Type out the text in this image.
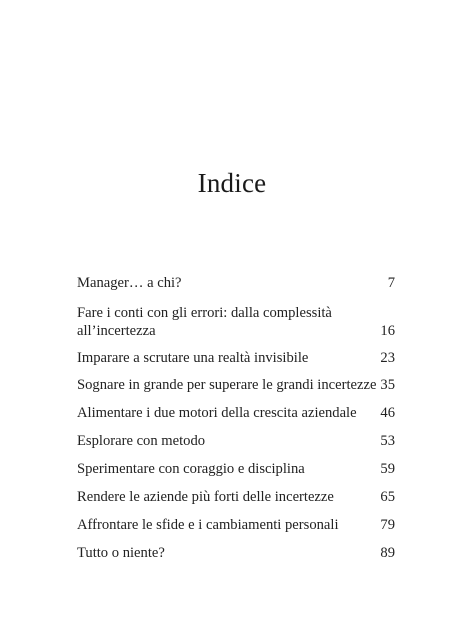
Indice
Manager… a chi?	7
Fare i conti con gli errori: dalla complessità all’incertezza	16
Imparare a scrutare una realtà invisibile	23
Sognare in grande per superare le grandi incertezze 35
Alimentare i due motori della crescita aziendale	46
Esplorare con metodo	53
Sperimentare con coraggio e disciplina	59
Rendere le aziende più forti delle incertezze	65
Affrontare le sfide e i cambiamenti personali	79
Tutto o niente?	89
